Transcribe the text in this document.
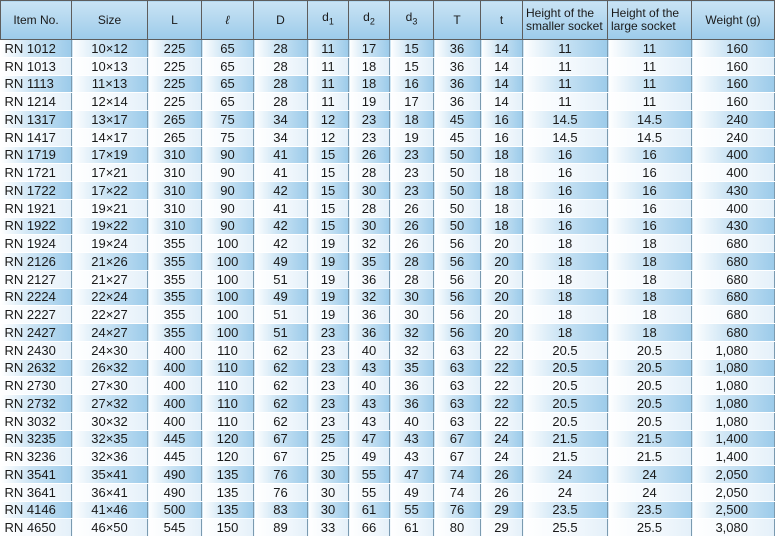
Item No.	Size	L	ℓ	D	$d_1$	$d_2$	$d_3$	T	t	Height of the smaller socket	Height of the large socket	Weight (g)
RN 1012	10×12	225	65	28	11	17	15	36	14	11	11	160
RN 1013	10×13	225	65	28	11	18	15	36	14	11	11	160
RN 1113	11×13	225	65	28	11	18	16	36	14	11	11	160
RN 1214	12×14	225	65	28	11	19	17	36	14	11	11	160
RN 1317	13×17	265	75	34	12	23	18	45	16	14.5	14.5	240
RN 1417	14×17	265	75	34	12	23	19	45	16	14.5	14.5	240
RN 1719	17×19	310	90	41	15	26	23	50	18	16	16	400
RN 1721	17×21	310	90	41	15	28	23	50	18	16	16	400
RN 1722	17×22	310	90	42	15	30	23	50	18	16	16	430
RN 1921	19×21	310	90	41	15	28	26	50	18	16	16	400
RN 1922	19×22	310	90	42	15	30	26	50	18	16	16	430
RN 1924	19×24	355	100	42	19	32	26	56	20	18	18	680
RN 2126	21×26	355	100	49	19	35	28	56	20	18	18	680
RN 2127	21×27	355	100	51	19	36	28	56	20	18	18	680
RN 2224	22×24	355	100	49	19	32	30	56	20	18	18	680
RN 2227	22×27	355	100	51	19	36	30	56	20	18	18	680
RN 2427	24×27	355	100	51	23	36	32	56	20	18	18	680
RN 2430	24×30	400	110	62	23	40	32	63	22	20.5	20.5	1,080
RN 2632	26×32	400	110	62	23	43	35	63	22	20.5	20.5	1,080
RN 2730	27×30	400	110	62	23	40	36	63	22	20.5	20.5	1,080
RN 2732	27×32	400	110	62	23	43	36	63	22	20.5	20.5	1,080
RN 3032	30×32	400	110	62	23	43	40	63	22	20.5	20.5	1,080
RN 3235	32×35	445	120	67	25	47	43	67	24	21.5	21.5	1,400
RN 3236	32×36	445	120	67	25	49	43	67	24	21.5	21.5	1,400
RN 3541	35×41	490	135	76	30	55	47	74	26	24	24	2,050
RN 3641	36×41	490	135	76	30	55	49	74	26	24	24	2,050
RN 4146	41×46	500	135	83	30	61	55	76	29	23.5	23.5	2,500
RN 4650	46×50	545	150	89	33	66	61	80	29	25.5	25.5	3,080
